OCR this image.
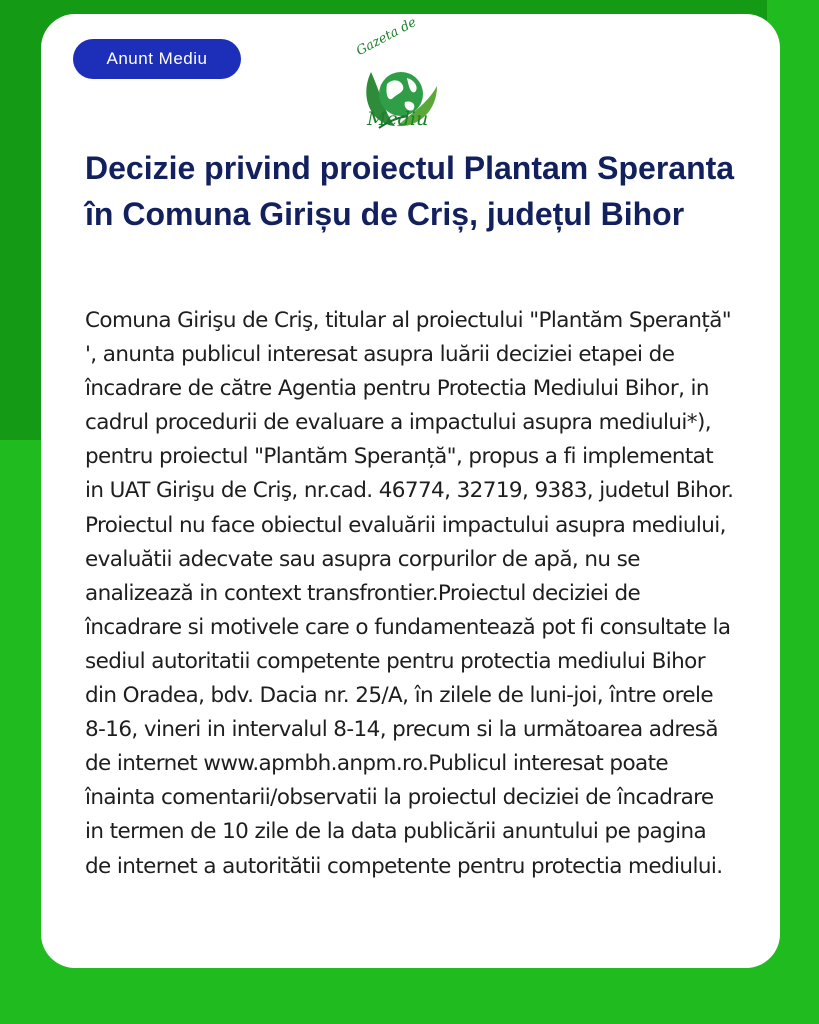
Anunt Mediu	Gazeta de
Mediu
Decizie privind proiectul Plantam Speranta în Comuna Girișu de Criș, județul Bihor

Comuna Girişu de Criş, titular al proiectului "Plantăm Speranță" ', anunta publicul interesat asupra luării deciziei etapei de încadrare de către Agentia pentru Protectia Mediului Bihor, in cadrul procedurii de evaluare a impactului asupra mediului*), pentru proiectul "Plantăm Speranță", propus a fi implementat in UAT Girişu de Criş, nr.cad. 46774, 32719, 9383, judetul Bihor. Proiectul nu face obiectul evaluării impactului asupra mediului, evaluătii adecvate sau asupra corpurilor de apă, nu se analizează in context transfrontier.Proiectul deciziei de încadrare si motivele care o fundamentează pot fi consultate la sediul autoritatii competente pentru protectia mediului Bihor din Oradea, bdv. Dacia nr. 25/A, în zilele de luni-joi, între orele 8-16, vineri in intervalul 8-14, precum si la următoarea adresă de internet www.apmbh.anpm.ro.Publicul interesat poate înainta comentarii/observatii la proiectul deciziei de încadrare in termen de 10 zile de la data publicării anuntului pe pagina de internet a autoritătii competente pentru protectia mediului.
